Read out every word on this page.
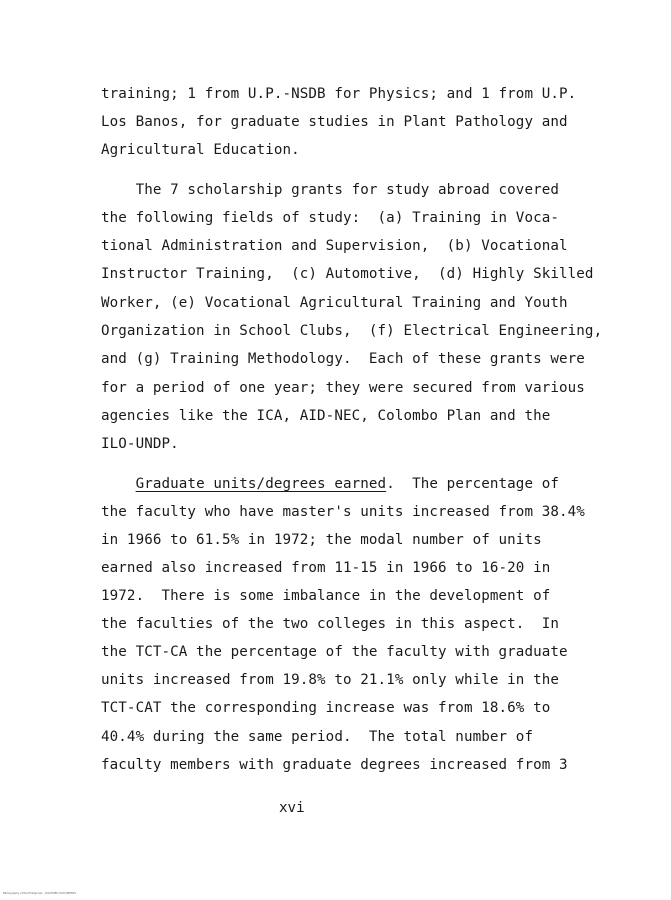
training; 1 from U.P.-NSDB for Physics; and 1 from U.P.
Los Banos, for graduate studies in Plant Pathology and
Agricultural Education.
The 7 scholarship grants for study abroad covered
the following fields of study:  (a) Training in Voca-
tional Administration and Supervision,  (b) Vocational
Instructor Training,  (c) Automotive,  (d) Highly Skilled
Worker, (e) Vocational Agricultural Training and Youth
Organization in School Clubs,  (f) Electrical Engineering,
and (g) Training Methodology.  Each of these grants were
for a period of one year; they were secured from various
agencies like the ICA, AID-NEC, Colombo Plan and the
ILO-UNDP.
Graduate units/degrees earned.  The percentage of
the faculty who have master's units increased from 38.4%
in 1966 to 61.5% in 1972; the modal number of units
earned also increased from 11-15 in 1966 to 16-20 in
1972.  There is some imbalance in the development of
the faculties of the two colleges in this aspect.  In
the TCT-CA the percentage of the faculty with graduate
units increased from 19.8% to 21.1% only while in the
TCT-CAT the corresponding increase was from 18.6% to
40.4% during the same period.  The total number of
faculty members with graduate degrees increased from 3
xvi
Bibliography of the Philippines - DIGITIZED DOCUMENTS
